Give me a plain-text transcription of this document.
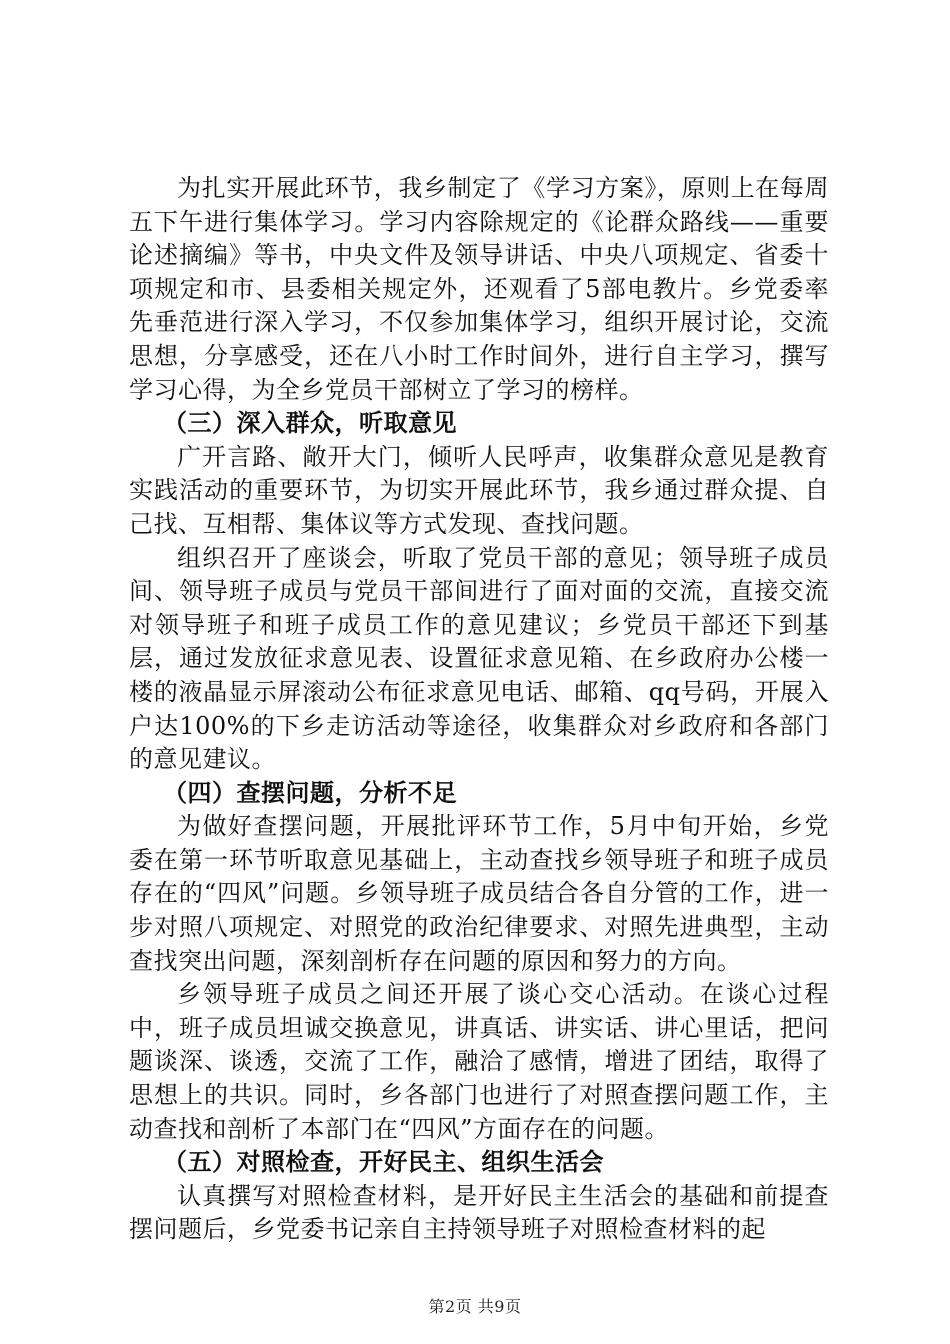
为扎实开展此环节，我乡制定了《学习方案》，原则上在每周五下午进行集体学习。学习内容除规定的《论群众路线——重要论述摘编》等书，中央文件及领导讲话、中央八项规定、省委十项规定和市、县委相关规定外，还观看了5部电教片。乡党委率先垂范进行深入学习，不仅参加集体学习，组织开展讨论，交流思想，分享感受，还在八小时工作时间外，进行自主学习，撰写学习心得，为全乡党员干部树立了学习的榜样。

（三）深入群众，听取意见

广开言路、敞开大门，倾听人民呼声，收集群众意见是教育实践活动的重要环节，为切实开展此环节，我乡通过群众提、自己找、互相帮、集体议等方式发现、查找问题。

组织召开了座谈会，听取了党员干部的意见；领导班子成员间、领导班子成员与党员干部间进行了面对面的交流，直接交流对领导班子和班子成员工作的意见建议；乡党员干部还下到基层，通过发放征求意见表、设置征求意见箱、在乡政府办公楼一楼的液晶显示屏滚动公布征求意见电话、邮箱、qq号码，开展入户达100%的下乡走访活动等途径，收集群众对乡政府和各部门的意见建议。

（四）查摆问题，分析不足

为做好查摆问题，开展批评环节工作，5月中旬开始，乡党委在第一环节听取意见基础上，主动查找乡领导班子和班子成员存在的“四风”问题。乡领导班子成员结合各自分管的工作，进一步对照八项规定、对照党的政治纪律要求、对照先进典型，主动查找突出问题，深刻剖析存在问题的原因和努力的方向。

乡领导班子成员之间还开展了谈心交心活动。在谈心过程中，班子成员坦诚交换意见，讲真话、讲实话、讲心里话，把问题谈深、谈透，交流了工作，融洽了感情，增进了团结，取得了思想上的共识。同时，乡各部门也进行了对照查摆问题工作，主动查找和剖析了本部门在“四风”方面存在的问题。

（五）对照检查，开好民主、组织生活会

认真撰写对照检查材料，是开好民主生活会的基础和前提查摆问题后，乡党委书记亲自主持领导班子对照检查材料的起

第2页 共9页
